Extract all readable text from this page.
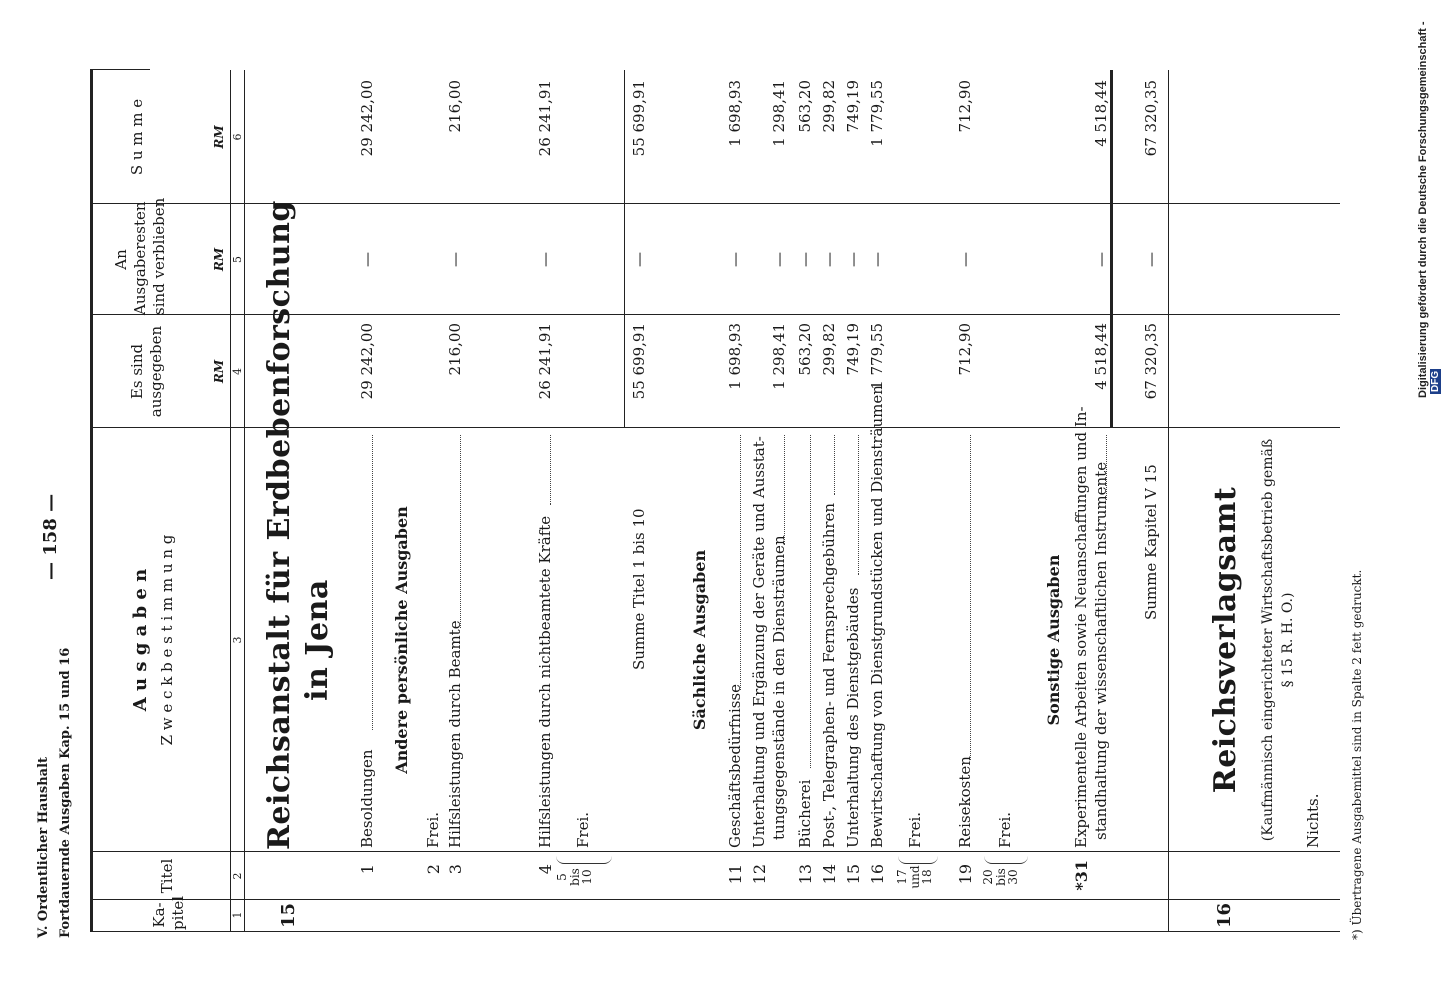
V. Ordentlicher Haushalt Fortdauernde Ausgaben Kap. 15 und 16
— 158 —
Ka-
pitel
Titel
A u s g a b e n Z w e c k b e s t i m m u n g
Es sind
ausgegeben
An
Ausgaberesten
sind verblieben
S u m m e
RM
RM
RM
1
2
3
4
5
6
15
Reichsanstalt für Erdbebenforschung in Jena
1
Besoldungen
29 242,00
—
29 242,00
Andere persönliche Ausgaben
2
Frei.
3
Hilfsleistungen durch Beamte
216,00
—
216,00
4
Hilfsleistungen durch nichtbeamtete Kräfte
26 241,91
—
26 241,91
5
bis
10
Frei.
Summe Titel 1 bis 10
55 699,91
—
55 699,91
Sächliche Ausgaben
11
Geschäftsbedürfnisse
1 698,93
—
1 698,93
12
Unterhaltung und Ergänzung der Geräte und Ausstat- tungsgegenstände in den Diensträumen
1 298,41
—
1 298,41
13
Bücherei
563,20
—
563,20
14
Post-, Telegraphen- und Fernsprechgebühren
299,82
—
299,82
15
Unterhaltung des Dienstgebäudes
749,19
—
749,19
16
Bewirtschaftung von Dienstgrundstücken und Diensträumen
1 779,55
—
1 779,55
17
und
18
Frei.
19
Reisekosten
712,90
—
712,90
20
bis
30
Frei.
Sonstige Ausgaben
*31
Experimentelle Arbeiten sowie Neuanschaffungen und In- standhaltung der wissenschaftlichen Instrumente
4 518,44
—
4 518,44
Summe Kapitel V 15
67 320,35
—
67 320,35
16
Reichsverlagsamt (Kaufmännisch eingerichteter Wirtschaftsbetrieb gemäß § 15 R. H. O.)
Nichts. *) Übertragene Ausgabemittel sind in Spalte 2 fett gedruckt.
Digitalisierung gefördert durch die Deutsche Forschungsgemeinschaft -DFG
